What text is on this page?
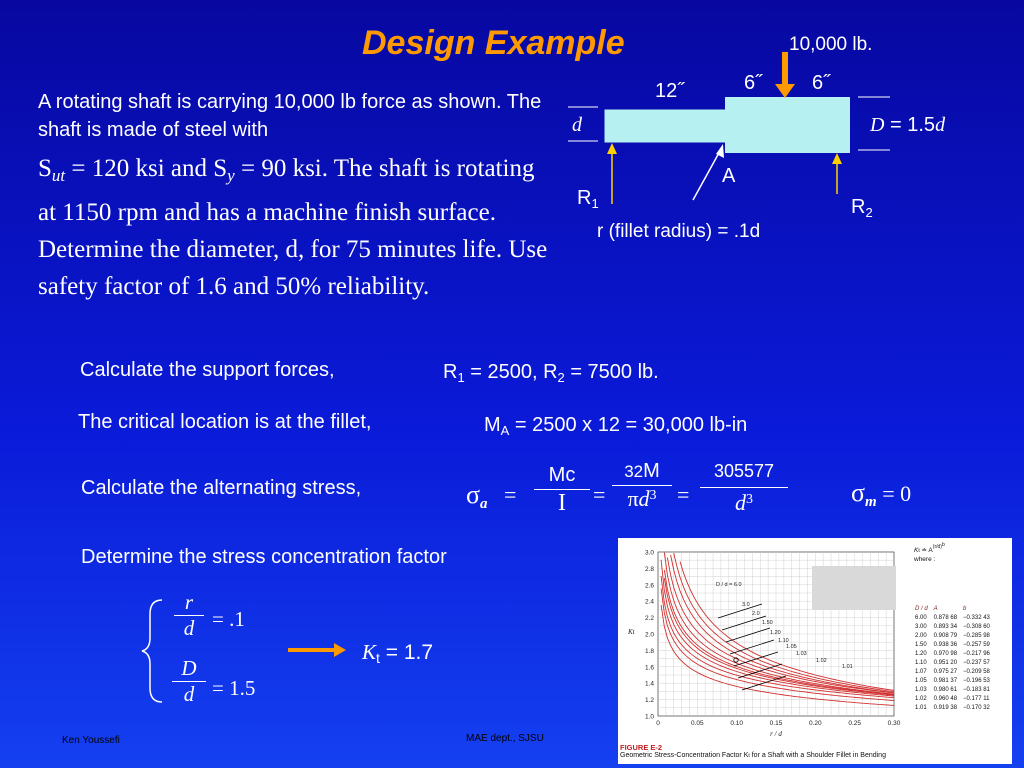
Design Example
A rotating shaft is carrying 10,000 lb force as shown. The shaft is made of steel with
$S_{ut} = 120$ ksi and $S_y = 90$ ksi. The shaft is rotating at 1150 rpm and has a machine finish surface. Determine the diameter, d, for 75 minutes life. Use safety factor of 1.6 and 50% reliability.
10,000 lb.
12˝	6˝	6˝
d	D = 1.5d
A
$R_1$	$R_2$
r (fillet radius) = .1d
Calculate the support forces,	$R_1 = 2500$, $R_2 = 7500$ lb.
The critical location is at the fillet,	$M_A = 2500$ x 12 = 30,000 lb-in
Calculate the alternating stress,	σa =
Mc
I	=
32M
$\pi d^3$ =
305577
$d^3$	σm = 0
Determine the stress concentration factor
r
d = .1
D
d = 1.5
Kt = 1.7
3.0
2.8
2.6
2.4
2.2
2.0
1.8
1.6
1.4
1.2
1.0
0	0.05	0.10	0.15	0.20	0.25	0.30
Kt
r / d
D / d = 6.0
3.0
2.0
1.50
1.20
1.10
1.05
1.03
1.02
1.01
Kt ≐ $A^{(r/d)b}$
where :
D / d	A	b
6.00	0.878 68	−0.332 43
3.00	0.893 34	−0.308 60
2.00	0.908 79	−0.285 98
1.50	0.938 36	−0.257 59
1.20	0.970 98	−0.217 96
1.10	0.951 20	−0.237 57
1.07	0.975 27	−0.209 58
1.05	0.981 37	−0.196 53
1.03	0.980 61	−0.183 81
1.02	0.960 48	−0.177 11
1.01	0.919 38	−0.170 32
FIGURE E-2
Geometric Stress-Concentration Factor Kt for a Shaft with a Shoulder Fillet in Bending
Ken Youssefi	MAE dept., SJSU
